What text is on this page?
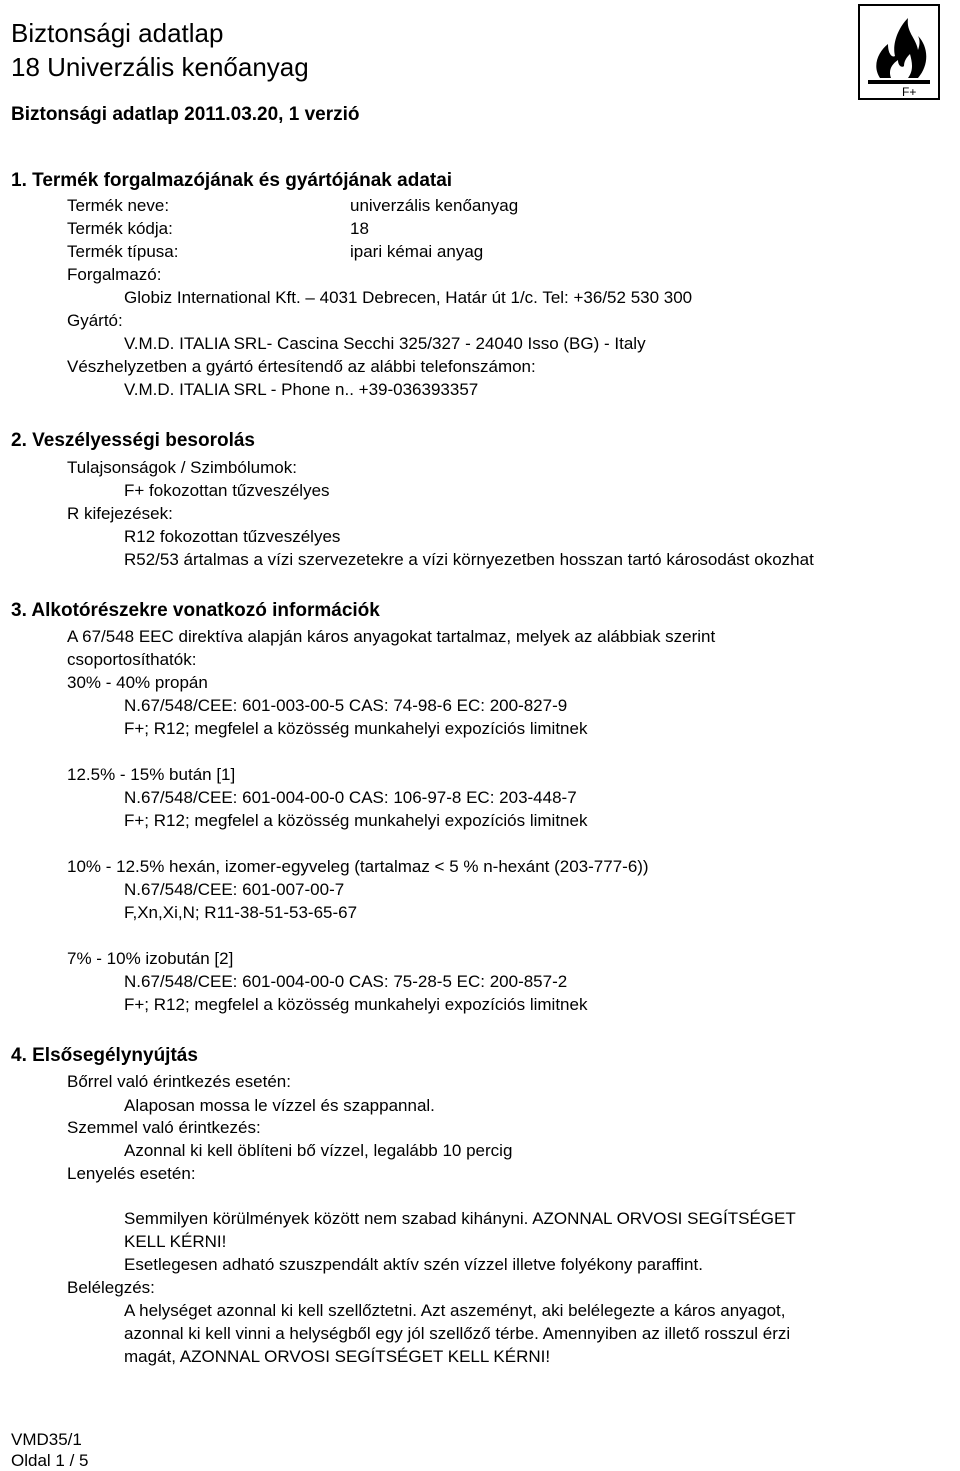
Biztonsági adatlap
18 Univerzális kenőanyag
Biztonsági adatlap 2011.03.20, 1 verzió
F+
1. Termék forgalmazójának és gyártójának adatai
Termék neve:	univerzális kenőanyag
Termék kódja:	18
Termék típusa:	ipari kémai anyag
Forgalmazó:
Globiz International Kft. – 4031 Debrecen, Határ út 1/c. Tel: +36/52 530 300
Gyártó:
V.M.D. ITALIA SRL- Cascina Secchi 325/327 - 24040 Isso (BG) - Italy
Vészhelyzetben a gyártó értesítendő az alábbi telefonszámon:
V.M.D. ITALIA SRL - Phone n.. +39-036393357
2. Veszélyességi besorolás
Tulajsonságok / Szimbólumok:
F+ fokozottan tűzveszélyes
R kifejezések:
R12 fokozottan tűzveszélyes
R52/53 ártalmas a vízi szervezetekre a vízi környezetben hosszan tartó károsodást okozhat
3. Alkotórészekre vonatkozó információk
A 67/548 EEC direktíva alapján káros anyagokat tartalmaz, melyek az alábbiak szerint
csoportosíthatók:
30% - 40% propán
N.67/548/CEE: 601-003-00-5 CAS: 74-98-6 EC: 200-827-9
F+; R12; megfelel a közösség munkahelyi expozíciós limitnek
12.5% - 15% bután [1]
N.67/548/CEE: 601-004-00-0 CAS: 106-97-8 EC: 203-448-7
F+; R12; megfelel a közösség munkahelyi expozíciós limitnek
10% - 12.5% hexán, izomer-egyveleg (tartalmaz < 5 % n-hexánt (203-777-6))
N.67/548/CEE: 601-007-00-7
F,Xn,Xi,N; R11-38-51-53-65-67
7% - 10% izobután [2]
N.67/548/CEE: 601-004-00-0 CAS: 75-28-5 EC: 200-857-2
F+; R12; megfelel a közösség munkahelyi expozíciós limitnek
4. Elsősegélynyújtás
Bőrrel való érintkezés esetén:
Alaposan mossa le vízzel és szappannal.
Szemmel való érintkezés:
Azonnal ki kell öblíteni bő vízzel, legalább 10 percig
Lenyelés esetén:
Semmilyen körülmények között nem szabad kihányni. AZONNAL ORVOSI SEGÍTSÉGET
KELL KÉRNI!
Esetlegesen adható szuszpendált aktív szén vízzel illetve folyékony paraffint.
Belélegzés:
A helységet azonnal ki kell szellőztetni. Azt aszeményt, aki belélegezte a káros anyagot,
azonnal ki kell vinni a helységből egy jól szellőző térbe. Amennyiben az illető rosszul érzi
magát, AZONNAL ORVOSI SEGÍTSÉGET KELL KÉRNI!
VMD35/1
Oldal 1 / 5
